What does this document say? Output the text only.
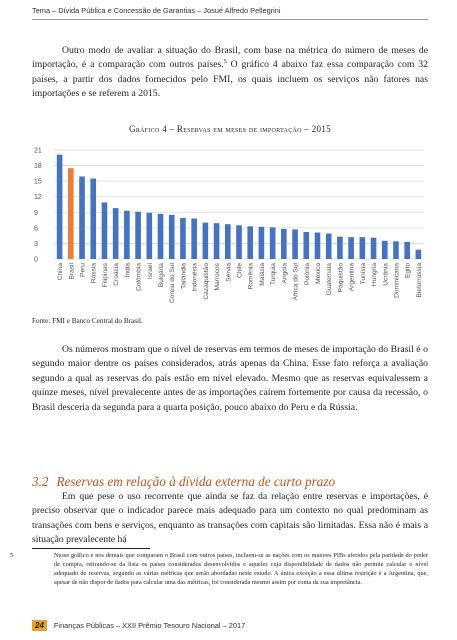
Tema – Dívida Pública e Concessão de Garantias – Josué Alfredo Pellegrini

Outro modo de avaliar a situação do Brasil, com base na métrica do número de meses de importação, é a comparação com outros países.$^5$ O gráfico 4 abaixo faz essa comparação com 32 países, a partir dos dados fornecidos pelo FMI, os quais incluem os serviços não fatores nas importações e se referem a 2015.

Gráfico 4 – Reservas em meses de importação – 2015
0
3
6
9
12
15
18
21
China Brasil Peru Rússia Filipinas Croácia Índia Colômbia Israel Bulgária Coreia do Sul Tailândia Indonésia Cazaquistão Marrocos Sérvia Chile Romênia Malásia Turquia Angola África do Sul Polônia México Guatemala Paquistão Argentina Tunísia Hungria Ucrânia Dominicana Egito Bielorrússia
Fonte: FMI e Banco Central do Brasil.

Os números mostram que o nível de reservas em termos de meses de importação do Brasil é o segundo maior dentre os países considerados, atrás apenas da China. Esse fato reforça a avaliação segundo a qual as reservas do país estão em nível elevado. Mesmo que as reservas equivalessem a quinze meses, nível prevalecente antes de as importações caírem fortemente por causa da recessão, o Brasil desceria da segunda para a quarta posição, pouco abaixo do Peru e da Rússia.

3.2 Reservas em relação à dívida externa de curto prazo

Em que pese o uso recorrente que ainda se faz da relação entre reservas e importações, é preciso observar que o indicador parece mais adequado para um contexto no qual predominam as transações com bens e serviços, enquanto as transações com capitais são limitadas. Essa não é mais a situação prevalecente há

5	Nesse gráfico e nos demais que comparam o Brasil com outros países, incluem-se as nações com os maiores PIBs aferidos pela paridade do poder de compra, retirando-se da lista os países considerados desenvolvidos e aqueles cuja disponibilidade de dados não permite calcular o nível adequado de reservas, segundo as várias métricas que serão abordadas neste estudo. A única exceção a essa última restrição é a Argentina, que, apesar de não dispor de dados para calcular uma das métricas, foi considerada mesmo assim por conta da sua importância.
24	Finanças Públicas – XXII Prêmio Tesouro Nacional – 2017
